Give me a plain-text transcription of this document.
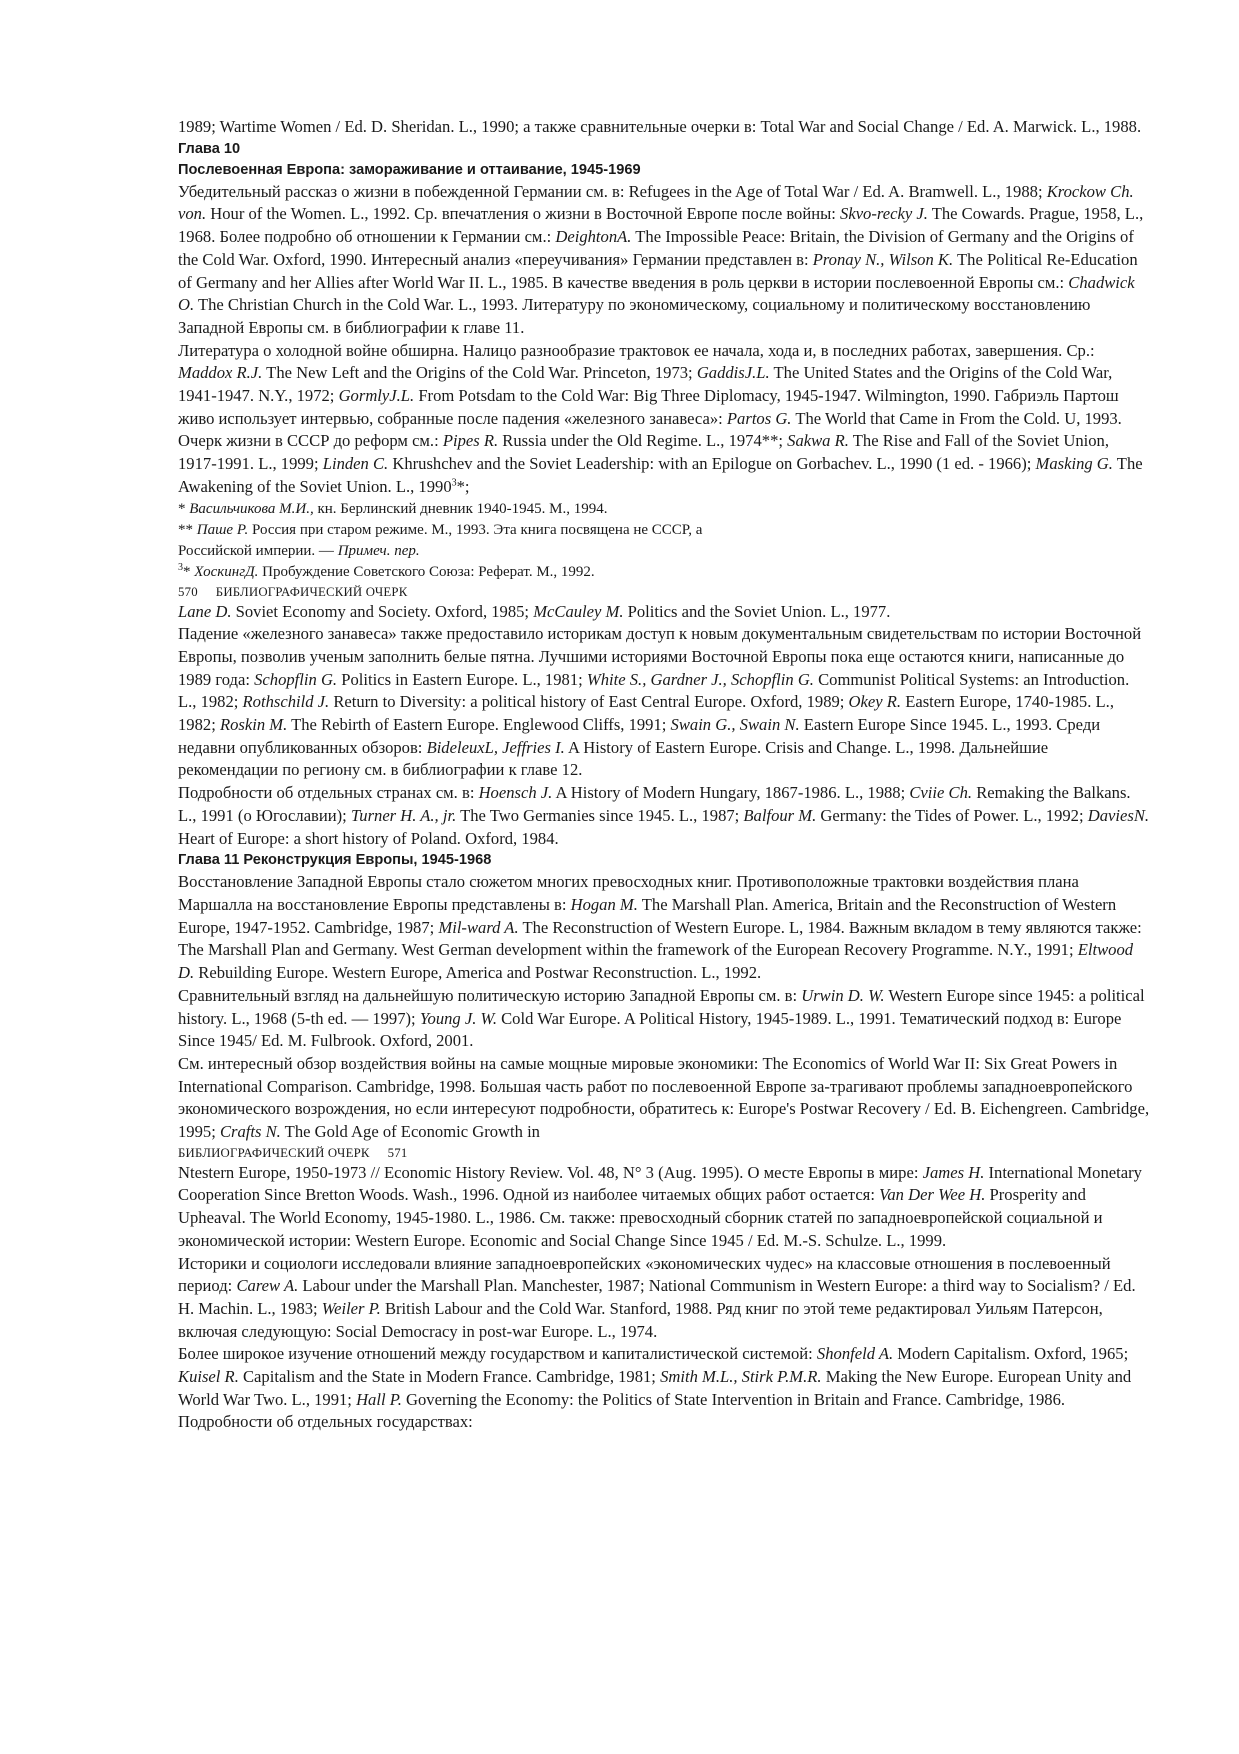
1989; Wartime Women / Ed. D. Sheridan. L., 1990; а также сравнительные очерки в: Total War and Social Change / Ed. A. Marwick. L., 1988.
Глава 10
Послевоенная Европа: замораживание и оттаивание, 1945-1969
Убедительный рассказ о жизни в побежденной Германии см. в: Refugees in the Age of Total War / Ed. A. Bramwell. L., 1988; Krockow Ch. von. Hour of the Women. L., 1992. Ср. впечатления о жизни в Восточной Европе после войны: Skvo-recky J. The Cowards. Prague, 1958, L., 1968. Более подробно об отношении к Германии см.: DeightonA. The Impossible Peace: Britain, the Division of Germany and the Origins of the Cold War. Oxford, 1990. Интересный анализ «переучивания» Германии представлен в: Pronay N., Wilson K. The Political Re-Education of Germany and her Allies after World War II. L., 1985. В качестве введения в роль церкви в истории послевоенной Европы см.: Chadwick O. The Christian Church in the Cold War. L., 1993. Литературу по экономическому, социальному и политическому восстановлению Западной Европы см. в библиографии к главе 11.
Литература о холодной войне обширна. Налицо разнообразие трактовок ее начала, хода и, в последних работах, завершения. Ср.: Maddox R.J. The New Left and the Origins of the Cold War. Princeton, 1973; GaddisJ.L. The United States and the Origins of the Cold War, 1941-1947. N.Y., 1972; GormlyJ.L. From Potsdam to the Cold War: Big Three Diplomacy, 1945-1947. Wilmington, 1990. Габриэль Партош живо использует интервью, собранные после падения «железного занавеса»: Partos G. The World that Came in From the Cold. U, 1993.
Очерк жизни в СССР до реформ см.: Pipes R. Russia under the Old Regime. L., 1974**; Sakwa R. The Rise and Fall of the Soviet Union, 1917-1991. L., 1999; Linden C. Khrushchev and the Soviet Leadership: with an Epilogue on Gorbachev. L., 1990 (1 ed. - 1966); Masking G. The Awakening of the Soviet Union. L., 1990$^3$*;
* Васильчикова М.И., кн. Берлинский дневник 1940-1945. М., 1994.
** Паше Р. Россия при старом режиме. М., 1993. Эта книга посвящена не СССР, а
Российской империи. — Примеч. пер.
$^3$* ХоскингД. Пробуждение Советского Союза: Реферат. М., 1992.
570 БИБЛИОГРАФИЧЕСКИЙ ОЧЕРК
Lane D. Soviet Economy and Society. Oxford, 1985; McCauley M. Politics and the Soviet Union. L., 1977.
Падение «железного занавеса» также предоставило историкам доступ к новым документальным свидетельствам по истории Восточной Европы, позволив ученым заполнить белые пятна. Лучшими историями Восточной Европы пока еще остаются книги, написанные до 1989 года: Schopflin G. Politics in Eastern Europe. L., 1981; White S., Gardner J., Schopflin G. Communist Political Systems: an Introduction. L., 1982; Rothschild J. Return to Diversity: a political history of East Central Europe. Oxford, 1989; Okey R. Eastern Europe, 1740-1985. L., 1982; Roskin M. The Rebirth of Eastern Europe. Englewood Cliffs, 1991; Swain G., Swain N. Eastern Europe Since 1945. L., 1993. Среди недавни опубликованных обзоров: BideleuxL, Jeffries I. A History of Eastern Europe. Crisis and Change. L., 1998. Дальнейшие рекомендации по региону см. в библиографии к главе 12.
Подробности об отдельных странах см. в: Hoensch J. A History of Modern Hungary, 1867-1986. L., 1988; Cviie Ch. Remaking the Balkans. L., 1991 (о Югославии); Turner H. A., jr. The Two Germanies since 1945. L., 1987; Balfour M. Germany: the Tides of Power. L., 1992; DaviesN. Heart of Europe: a short history of Poland. Oxford, 1984.
Глава 11 Реконструкция Европы, 1945-1968
Восстановление Западной Европы стало сюжетом многих превосходных книг. Противоположные трактовки воздействия плана Маршалла на восстановление Европы представлены в: Hogan M. The Marshall Plan. America, Britain and the Reconstruction of Western Europe, 1947-1952. Cambridge, 1987; Mil-ward A. The Reconstruction of Western Europe. L, 1984. Важным вкладом в тему являются также: The Marshall Plan and Germany. West German development within the framework of the European Recovery Programme. N.Y., 1991; Eltwood D. Rebuilding Europe. Western Europe, America and Postwar Reconstruction. L., 1992.
Сравнительный взгляд на дальнейшую политическую историю Западной Европы см. в: Urwin D. W. Western Europe since 1945: a political history. L., 1968 (5-th ed. — 1997); Young J. W. Cold War Europe. A Political History, 1945-1989. L., 1991. Тематический подход в: Europe Since 1945/ Ed. M. Fulbrook. Oxford, 2001.
См. интересный обзор воздействия войны на самые мощные мировые экономики: The Economics of World War II: Six Great Powers in International Comparison. Cambridge, 1998. Большая часть работ по послевоенной Европе за-трагивают проблемы западноевропейского экономического возрождения, но если интересуют подробности, обратитесь к: Europe's Postwar Recovery / Ed. B. Eichengreen. Cambridge, 1995; Crafts N. The Gold Age of Economic Growth in
БИБЛИОГРАФИЧЕСКИЙ ОЧЕРК 571
Ntestern Europe, 1950-1973 // Economic History Review. Vol. 48, N° 3 (Aug. 1995). О месте Европы в мире: James H. International Monetary Cooperation Since Bretton Woods. Wash., 1996. Одной из наиболее читаемых общих работ остается: Van Der Wee H. Prosperity and Upheaval. The World Economy, 1945-1980. L., 1986. См. также: превосходный сборник статей по западноевропейской социальной и экономической истории: Western Europe. Economic and Social Change Since 1945 / Ed. M.-S. Schulze. L., 1999.
Историки и социологи исследовали влияние западноевропейских «экономических чудес» на классовые отношения в послевоенный период: Carew A. Labour under the Marshall Plan. Manchester, 1987; National Communism in Western Europe: a third way to Socialism? / Ed. H. Machin. L., 1983; Weiler P. British Labour and the Cold War. Stanford, 1988. Ряд книг по этой теме редактировал Уильям Патерсон, включая следующую: Social Democracy in post-war Europe. L., 1974.
Более широкое изучение отношений между государством и капиталистической системой: Shonfeld A. Modern Capitalism. Oxford, 1965; Kuisel R. Capitalism and the State in Modern France. Cambridge, 1981; Smith M.L., Stirk P.M.R. Making the New Europe. European Unity and World War Two. L., 1991; Hall P. Governing the Economy: the Politics of State Intervention in Britain and France. Cambridge, 1986. Подробности об отдельных государствах:
